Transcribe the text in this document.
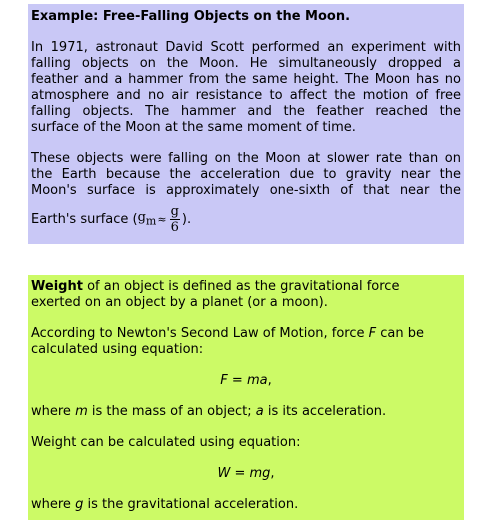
Example: Free-Falling Objects on the Moon.

In 1971, astronaut David Scott performed an experiment with

falling objects on the Moon. He simultaneously dropped a

feather and a hammer from the same height. The Moon has no

atmosphere and no air resistance to affect the motion of free

falling objects. The hammer and the feather reached the

surface of the Moon at the same moment of time.

These objects were falling on the Moon at slower rate than on

the Earth because the acceleration due to gravity near the

Moon's surface is approximately one-sixth of that near the

Earth's surface ( $g_m \approx \frac{g}{6}$ ).

Weight of an object is defined as the gravitational force

exerted on an object by a planet (or a moon).

According to Newton's Second Law of Motion, force F can be

calculated using equation:

F = ma,

where m is the mass of an object; a is its acceleration.

Weight can be calculated using equation:

W = mg,

where g is the gravitational acceleration.
